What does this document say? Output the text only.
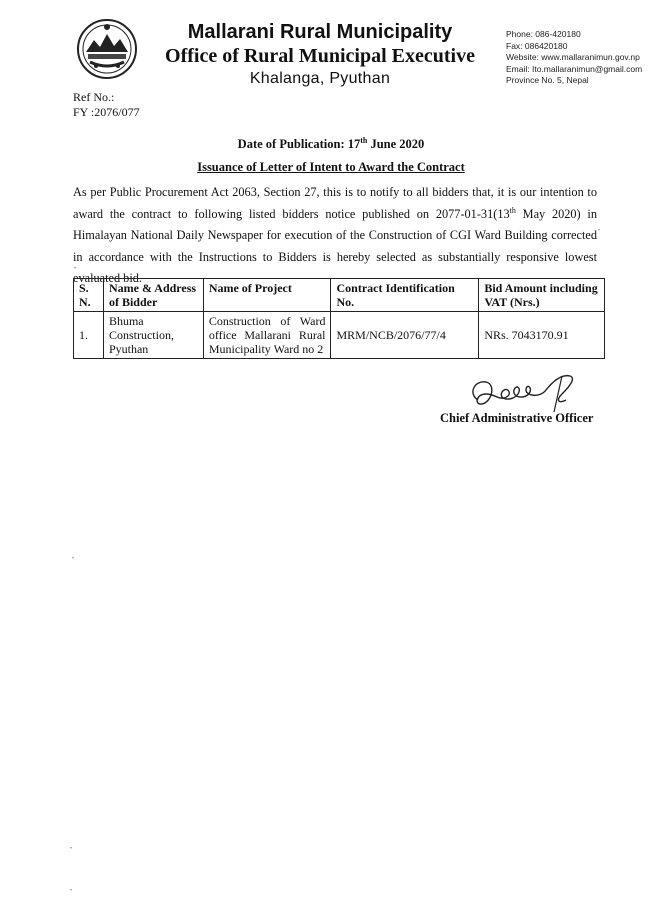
Mallarani Rural Municipality
Office of Rural Municipal Executive
Khalanga, Pyuthan
Phone: 086-420180
Fax: 086420180
Website: www.mallaranimun.gov.np
Email: Ito.mallaranimun@gmail.com
Province No. 5, Nepal
Ref No.:
FY :2076/077
Date of Publication: 17th June 2020
Issuance of Letter of Intent to Award the Contract
As per Public Procurement Act 2063, Section 27, this is to notify to all bidders that, it is our intention to award the contract to following listed bidders notice published on 2077-01-31(13th May 2020) in Himalayan National Daily Newspaper for execution of the Construction of CGI Ward Building corrected in accordance with the Instructions to Bidders is hereby selected as substantially responsive lowest evaluated bid.
S. N.	Name & Address of Bidder	Name of Project	Contract Identification No.	Bid Amount including VAT (Nrs.)
1.	Bhuma Construction, Pyuthan	Construction of Ward office Mallarani Rural Municipality Ward no 2	MRM/NCB/2076/77/4	NRs. 7043170.91
Chief Administrative Officer
•
•
•
•
•
